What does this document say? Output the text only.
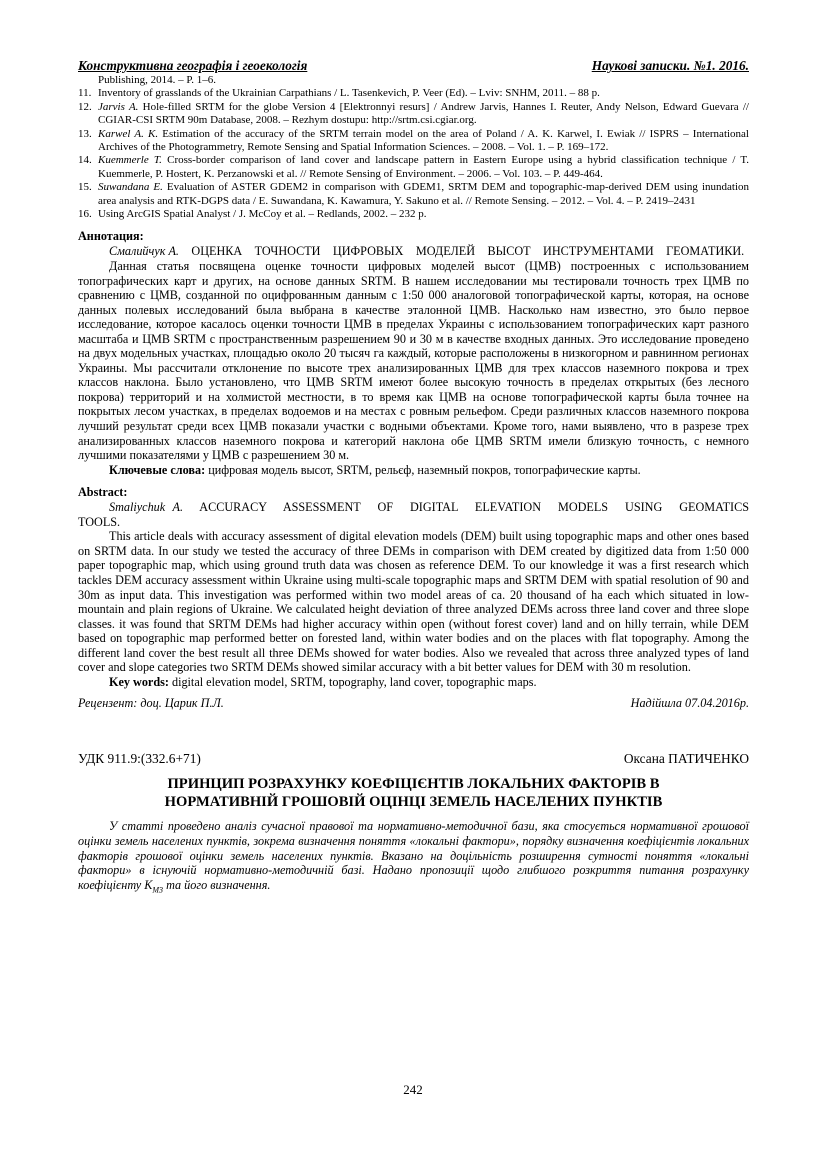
Конструктивна географія і геоекологія	Наукові записки. №1. 2016.
Publishing, 2014. – P. 1–6.
11. Inventory of grasslands of the Ukrainian Carpathians / L. Tasenkevich, P. Veer (Ed). – Lviv: SNHM, 2011. – 88 p.
12. Jarvis A. Hole-filled SRTM for the globe Version 4 [Elektronnyi resurs] / Andrew Jarvis, Hannes I. Reuter, Andy Nelson, Edward Guevara // CGIAR-CSI SRTM 90m Database, 2008. – Rezhym dostupu: http://srtm.csi.cgiar.org.
13. Karwel A. K. Estimation of the accuracy of the SRTM terrain model on the area of Poland / A. K. Karwel, I. Ewiak // ISPRS – International Archives of the Photogrammetry, Remote Sensing and Spatial Information Sciences. – 2008. – Vol. 1. – P. 169–172.
14. Kuemmerle T. Cross-border comparison of land cover and landscape pattern in Eastern Europe using a hybrid classification technique / T. Kuemmerle, P. Hostert, K. Perzanowski et al. // Remote Sensing of Environment. – 2006. – Vol. 103. – P. 449-464.
15. Suwandana E. Evaluation of ASTER GDEM2 in comparison with GDEM1, SRTM DEM and topographic-map-derived DEM using inundation area analysis and RTK-DGPS data / E. Suwandana, K. Kawamura, Y. Sakuno et al. // Remote Sensing. – 2012. – Vol. 4. – P. 2419–2431
16. Using ArcGIS Spatial Analyst / J. McCoy et al. – Redlands, 2002. – 232 p.
Аннотация:

Смалийчук А. ОЦЕНКА ТОЧНОСТИ ЦИФРОВЫХ МОДЕЛЕЙ ВЫСОТ ИНСТРУМЕНТАМИ ГЕОМАТИКИ.

Данная статья посвящена оценке точности цифровых моделей высот (ЦМВ) построенных с использованием топографических карт и других, на основе данных SRTM. В нашем исследовании мы тестировали точность трех ЦМВ по сравнению с ЦМВ, созданной по оцифрованным данным с 1:50 000 аналоговой топографической карты, которая, на основе данных полевых исследований была выбрана в качестве эталонной ЦМВ. Насколько нам известно, это было первое исследование, которое касалось оценки точности ЦМВ в пределах Украины с использованием топографических карт разного масштаба и ЦМВ SRTM с пространственным разрешением 90 и 30 м в качестве входных данных. Это исследование проведено на двух модельных участках, площадью около 20 тысяч га каждый, которые расположены в низкогорном и равнинном регионах Украины. Мы рассчитали отклонение по высоте трех анализированных ЦМВ для трех классов наземного покрова и трех классов наклона. Было установлено, что ЦМВ SRTM имеют более высокую точность в пределах открытых (без лесного покрова) территорий и на холмистой местности, в то время как ЦМВ на основе топографической карты была точнее на покрытых лесом участках, в пределах водоемов и на местах с ровным рельефом. Среди различных классов наземного покрова лучший результат среди всех ЦМВ показали участки с водными объектами. Кроме того, нами выявлено, что в разрезе трех анализированных классов наземного покрова и категорий наклона обе ЦМВ SRTM имели близкую точность, с немного лучшими показателями у ЦМВ с разрешением 30 м.

Ключевые слова: цифровая модель высот, SRTM, рельєф, наземный покров, топографические карты.

Abstract:

Smaliychuk A. ACCURACY ASSESSMENT OF DIGITAL ELEVATION MODELS USING GEOMATICS TOOLS.

This article deals with accuracy assessment of digital elevation models (DEM) built using topographic maps and other ones based on SRTM data. In our study we tested the accuracy of three DEMs in comparison with DEM created by digitized data from 1:50 000 paper topographic map, which using ground truth data was chosen as reference DEM. To our knowledge it was a first research which tackles DEM accuracy assessment within Ukraine using multi-scale topographic maps and SRTM DEM with spatial resolution of 90 and 30m as input data. This investigation was performed within two model areas of ca. 20 thousand of ha each which situated in low-mountain and plain regions of Ukraine. We calculated height deviation of three analyzed DEMs across three land cover and three slope classes. it was found that SRTM DEMs had higher accuracy within open (without forest cover) land and on hilly terrain, while DEM based on topographic map performed better on forested land, within water bodies and on the places with flat topography. Among the different land cover the best result all three DEMs showed for water bodies. Also we revealed that across three analyzed types of land cover and slope categories two SRTM DEMs showed similar accuracy with a bit better values for DEM with 30 m resolution.

Key words: digital elevation model, SRTM, topography, land cover, topographic maps.

Рецензент: доц. Царик П.Л.	Надійшла 07.04.2016р.
УДК 911.9:(332.6+71)	Оксана ПАТИЧЕНКО
ПРИНЦИП РОЗРАХУНКУ КОЕФІЦІЄНТІВ ЛОКАЛЬНИХ ФАКТОРІВ В
НОРМАТИВНІЙ ГРОШОВІЙ ОЦІНЦІ ЗЕМЕЛЬ НАСЕЛЕНИХ ПУНКТІВ

У статті проведено аналіз сучасної правової та нормативно-методичної бази, яка стосується нормативної грошової оцінки земель населених пунктів, зокрема визначення поняття «локальні фактори», порядку визначення коефіцієнтів локальних факторів грошової оцінки земель населених пунктів. Вказано на доцільність розширення сутності поняття «локальні фактори» в існуючій нормативно-методичній базі. Надано пропозиції щодо глибшого розкриття питання розрахунку коефіцієнту $К_{М3}$ та його визначення.

242
